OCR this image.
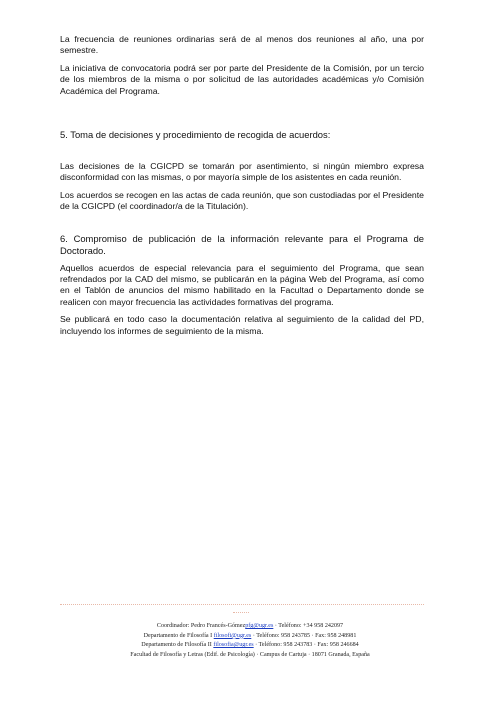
La frecuencia de reuniones ordinarias será de al menos dos reuniones al año, una por semestre.

La iniciativa de convocatoria podrá ser por parte del Presidente de la Comisión, por un tercio de los miembros de la misma o por solicitud de las autoridades académicas y/o Comisión Académica del Programa.

5. Toma de decisiones y procedimiento de recogida de acuerdos:

Las decisiones de la CGICPD se tomarán por asentimiento, si ningún miembro expresa disconformidad con las mismas, o por mayoría simple de los asistentes en cada reunión.

Los acuerdos se recogen en las actas de cada reunión, que son custodiadas por el Presidente de la CGICPD (el coordinador/a de la Titulación).

6. Compromiso de publicación de la información relevante para el Programa de Doctorado.

Aquellos acuerdos de especial relevancia para el seguimiento del Programa, que sean refrendados por la CAD del mismo, se publicarán en la página Web del Programa, así como en el Tablón de anuncios del mismo habilitado en la Facultad o Departamento donde se realicen con mayor frecuencia las actividades formativas del programa.

Se publicará en todo caso la documentación relativa al seguimiento de la calidad del PD, incluyendo los informes de seguimiento de la misma.

Coordinador: Pedro Francés-Gómezpfg@ugr.es · Teléfono: +34 958 242097
Departamento de Filosofía I filosofi@ugr.es · Teléfono: 958 243785 · Fax: 958 248981
Departamento de Filosofía II filosofia@ugr.es · Teléfono: 958 243783 · Fax: 958 246684
Facultad de Filosofía y Letras (Edif. de Psicología) · Campus de Cartuja · 18071 Granada, España
